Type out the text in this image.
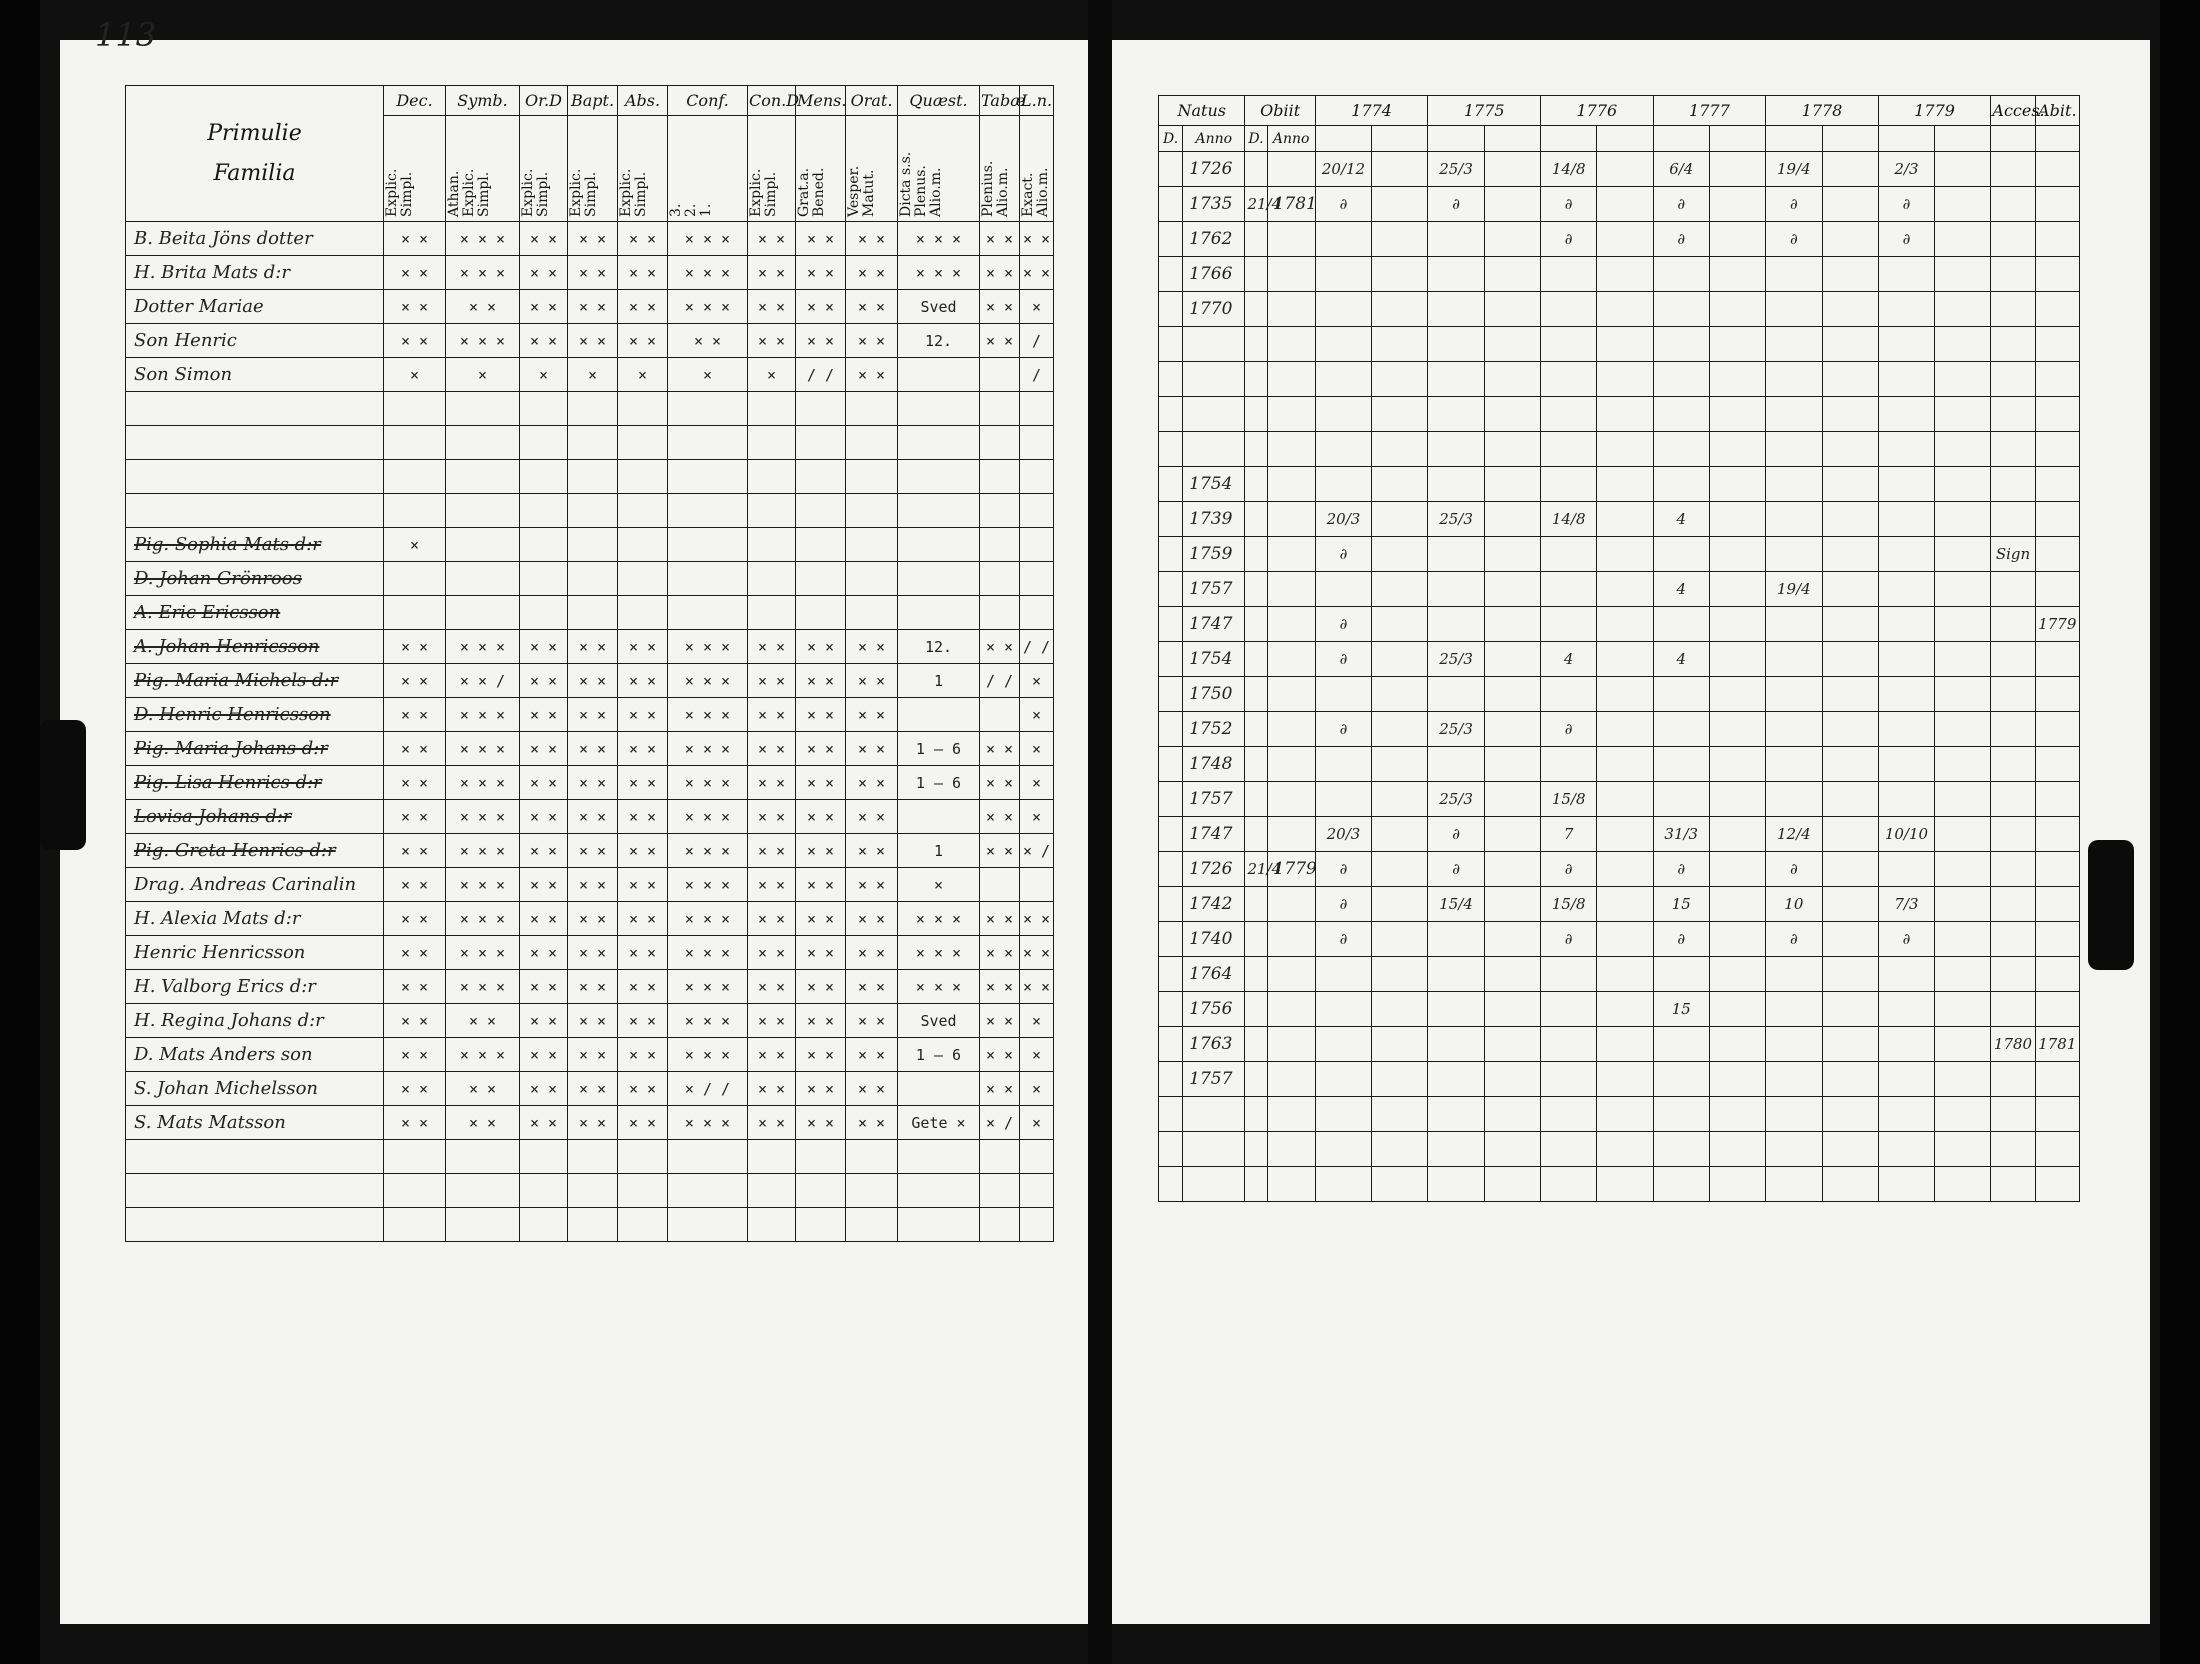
113
Primulie
Familia	Dec.	Symb.	Or.D	Bapt.	Abs.	Conf.	Con.D	Mens.	Orat.	Quæst.	Tabæ	L.n.

	Explic. Simpl.	Athan. Explic. Simpl.	Explic. Simpl.	Explic. Simpl.	Explic. Simpl.	3. 2. 1.	Explic. Simpl.	Grat.a. Bened.	Vesper. Matut.	Dicta s.s. Plenus. Alio.m.	Plenius. Alio.m.	Exact. Alio.m.

B. Beita Jöns dotter	× ×	× × ×	× ×	× ×	× ×	× × ×	× ×	× ×	× ×	× × ×	× ×	× ×
H. Brita Mats d:r	× ×	× × ×	× ×	× ×	× ×	× × ×	× ×	× ×	× ×	× × ×	× ×	× ×
Dotter Mariae	× ×	× ×	× ×	× ×	× ×	× × ×	× ×	× ×	× ×	Sved	× ×	×
Son Henric	× ×	× × ×	× ×	× ×	× ×	× ×	× ×	× ×	× ×	12.	× ×	/
Son Simon	×	×	×	×	×	×	×	/ /	× ×			/

Pig. Sophia Mats d:r	×											
D. Johan Grönroos												
A. Eric Ericsson												
A. Johan Henricsson	× ×	× × ×	× ×	× ×	× ×	× × ×	× ×	× ×	× ×	12.	× ×	/ /
Pig. Maria Michels d:r	× ×	× × /	× ×	× ×	× ×	× × ×	× ×	× ×	× ×	1	/ /	×
D. Henric Henricsson	× ×	× × ×	× ×	× ×	× ×	× × ×	× ×	× ×	× ×			×
Pig. Maria Johans d:r	× ×	× × ×	× ×	× ×	× ×	× × ×	× ×	× ×	× ×	1 — 6	× ×	×
Pig. Lisa Henrics d:r	× ×	× × ×	× ×	× ×	× ×	× × ×	× ×	× ×	× ×	1 — 6	× ×	×
Lovisa Johans d:r	× ×	× × ×	× ×	× ×	× ×	× × ×	× ×	× ×	× ×		× ×	×
Pig. Greta Henrics d:r	× ×	× × ×	× ×	× ×	× ×	× × ×	× ×	× ×	× ×	1	× ×	× /
Drag. Andreas Carinalin	× ×	× × ×	× ×	× ×	× ×	× × ×	× ×	× ×	× ×	×		
H. Alexia Mats d:r	× ×	× × ×	× ×	× ×	× ×	× × ×	× ×	× ×	× ×	× × ×	× ×	× ×
Henric Henricsson	× ×	× × ×	× ×	× ×	× ×	× × ×	× ×	× ×	× ×	× × ×	× ×	× ×
H. Valborg Erics d:r	× ×	× × ×	× ×	× ×	× ×	× × ×	× ×	× ×	× ×	× × ×	× ×	× ×
H. Regina Johans d:r	× ×	× ×	× ×	× ×	× ×	× × ×	× ×	× ×	× ×	Sved	× ×	×
D. Mats Anders son	× ×	× × ×	× ×	× ×	× ×	× × ×	× ×	× ×	× ×	1 — 6	× ×	×
S. Johan Michelsson	× ×	× ×	× ×	× ×	× ×	× / /	× ×	× ×	× ×		× ×	×
S. Mats Matsson	× ×	× ×	× ×	× ×	× ×	× × ×	× ×	× ×	× ×	Gete ×	× /	×

Natus		Obiit		1774		1775		1776		1777		1778		1779		Acces.	Abit.
D.	Anno	D.	Anno														
	1726			20/12		25/3		14/8		6/4		19/4		2/3			
	1735	21/4	1781	∂		∂		∂		∂		∂		∂			
	1762							∂		∂		∂		∂			
	1766																
	1770																

	1754																
	1739			20/3		25/3		14/8		4							
	1759			∂												Sign	
	1757									4		19/4					
	1747			∂													1779
	1754			∂		25/3		4		4							
	1750																
	1752			∂		25/3		∂									
	1748																
	1757					25/3		15/8									
	1747			20/3		∂		7		31/3		12/4		10/10			
	1726	21/4	1779	∂		∂		∂		∂		∂					
	1742			∂		15/4		15/8		15		10		7/3			
	1740			∂				∂		∂		∂		∂			
	1764																
	1756									15							
	1763															1780	1781
	1757																
